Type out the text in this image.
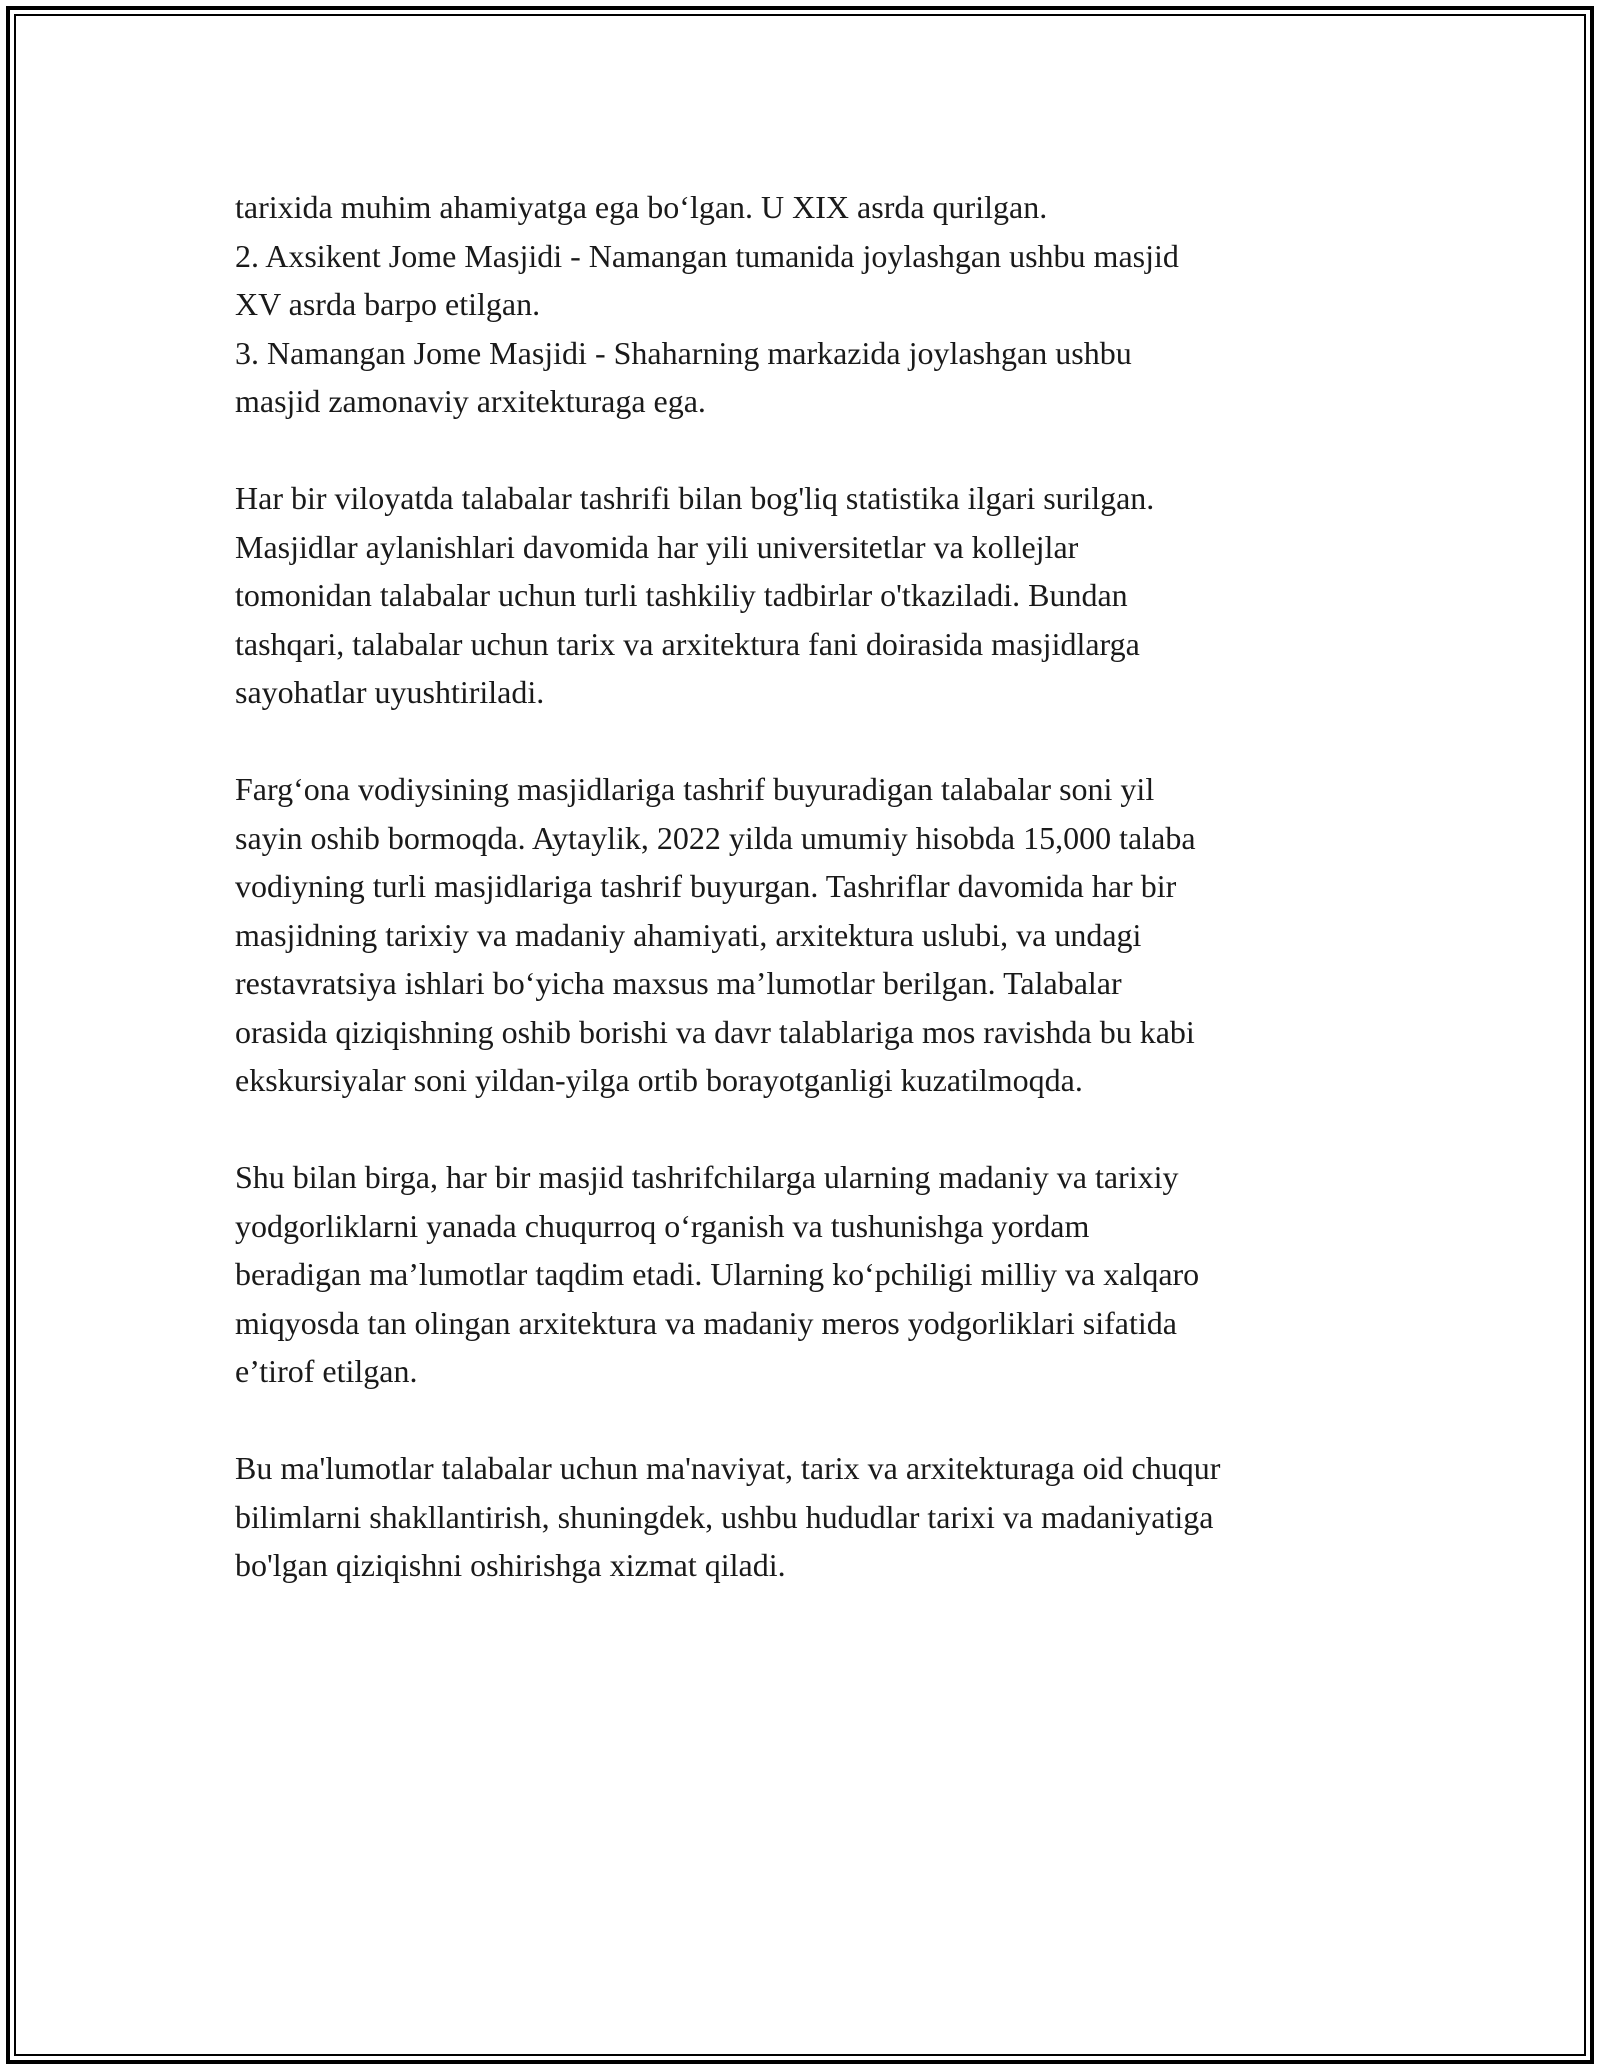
tarixida muhim ahamiyatga ega bo‘lgan. U XIX asrda qurilgan.
2. Axsikent Jome Masjidi - Namangan tumanida joylashgan ushbu masjid
XV asrda barpo etilgan.
3. Namangan Jome Masjidi - Shaharning markazida joylashgan ushbu
masjid zamonaviy arxitekturaga ega.
Har bir viloyatda talabalar tashrifi bilan bog'liq statistika ilgari surilgan.
Masjidlar aylanishlari davomida har yili universitetlar va kollejlar
tomonidan talabalar uchun turli tashkiliy tadbirlar o'tkaziladi. Bundan
tashqari, talabalar uchun tarix va arxitektura fani doirasida masjidlarga
sayohatlar uyushtiriladi.
Farg‘ona vodiysining masjidlariga tashrif buyuradigan talabalar soni yil
sayin oshib bormoqda. Aytaylik, 2022 yilda umumiy hisobda 15,000 talaba
vodiyning turli masjidlariga tashrif buyurgan. Tashriflar davomida har bir
masjidning tarixiy va madaniy ahamiyati, arxitektura uslubi, va undagi
restavratsiya ishlari bo‘yicha maxsus ma’lumotlar berilgan. Talabalar
orasida qiziqishning oshib borishi va davr talablariga mos ravishda bu kabi
ekskursiyalar soni yildan-yilga ortib borayotganligi kuzatilmoqda.
Shu bilan birga, har bir masjid tashrifchilarga ularning madaniy va tarixiy
yodgorliklarni yanada chuqurroq o‘rganish va tushunishga yordam
beradigan ma’lumotlar taqdim etadi. Ularning ko‘pchiligi milliy va xalqaro
miqyosda tan olingan arxitektura va madaniy meros yodgorliklari sifatida
e’tirof etilgan.
Bu ma'lumotlar talabalar uchun ma'naviyat, tarix va arxitekturaga oid chuqur
bilimlarni shakllantirish, shuningdek, ushbu hududlar tarixi va madaniyatiga
bo'lgan qiziqishni oshirishga xizmat qiladi.
